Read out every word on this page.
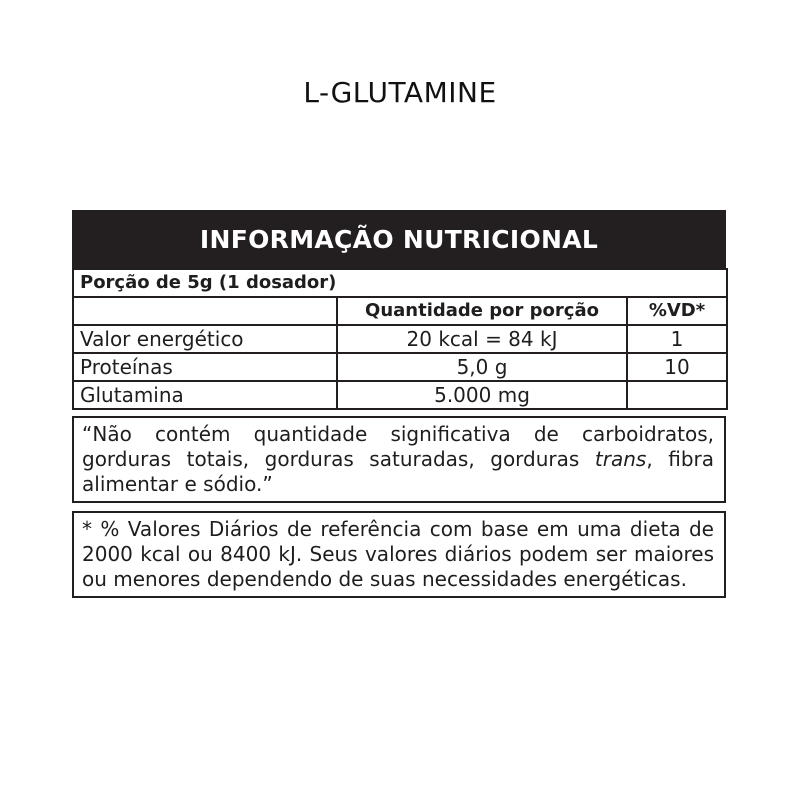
L-GLUTAMINE
INFORMAÇÃO NUTRICIONAL
Porção de 5g (1 dosador)		
	Quantidade por porção	%VD*
Valor energético	20 kcal = 84 kJ	1
Proteínas	5,0 g	10
Glutamina	5.000 mg	
“Não contém quantidade significativa de carboidratos, gorduras totais, gorduras saturadas, gorduras trans, fibra alimentar e sódio.”
* % Valores Diários de referência com base em uma dieta de 2000 kcal ou 8400 kJ. Seus valores diários podem ser maiores ou menores dependendo de suas necessidades energéticas.
